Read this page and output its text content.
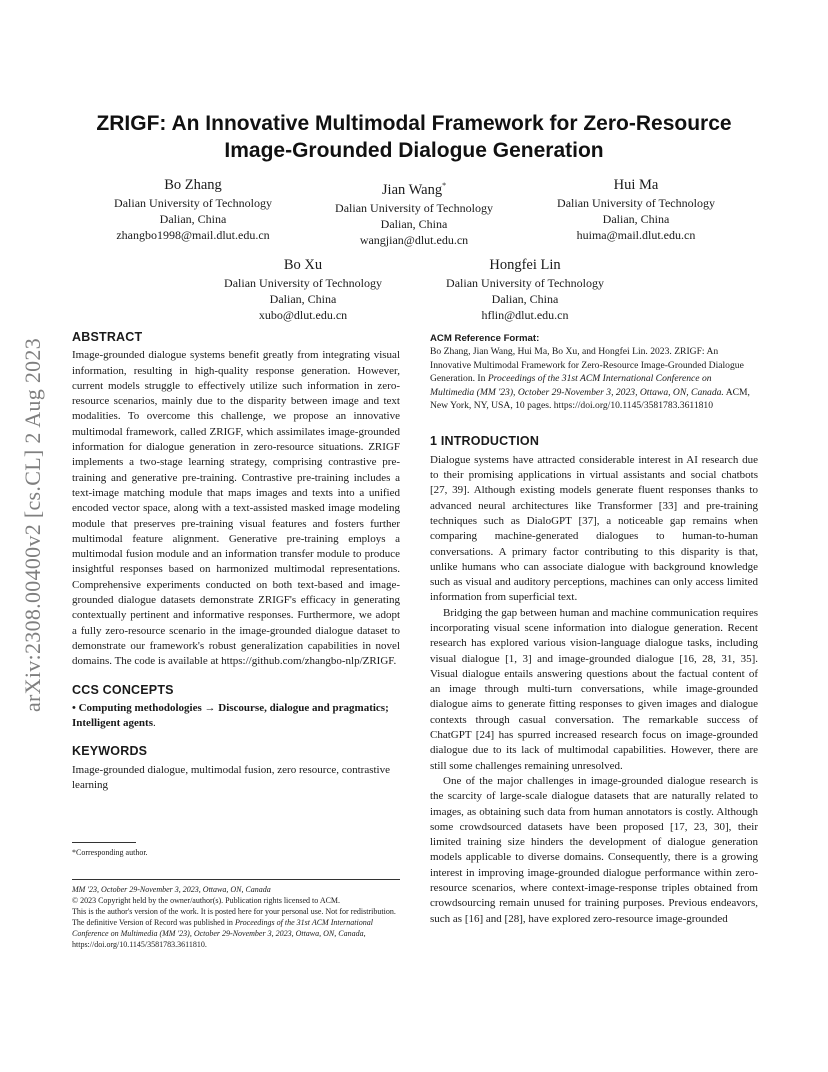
arXiv:2308.00400v2 [cs.CL] 2 Aug 2023
ZRIGF: An Innovative Multimodal Framework for Zero-Resource
Image-Grounded Dialogue Generation
Bo Zhang
Dalian University of Technology
Dalian, China
zhangbo1998@mail.dlut.edu.cn
Jian Wang*
Dalian University of Technology
Dalian, China
wangjian@dlut.edu.cn
Hui Ma
Dalian University of Technology
Dalian, China
huima@mail.dlut.edu.cn
Bo Xu
Dalian University of Technology
Dalian, China
xubo@dlut.edu.cn
Hongfei Lin
Dalian University of Technology
Dalian, China
hflin@dlut.edu.cn
ABSTRACT

Image-grounded dialogue systems benefit greatly from integrating visual information, resulting in high-quality response generation. However, current models struggle to effectively utilize such information in zero-resource scenarios, mainly due to the disparity between image and text modalities. To overcome this challenge, we propose an innovative multimodal framework, called ZRIGF, which assimilates image-grounded information for dialogue generation in zero-resource situations. ZRIGF implements a two-stage learning strategy, comprising contrastive pre-training and generative pre-training. Contrastive pre-training includes a text-image matching module that maps images and texts into a unified encoded vector space, along with a text-assisted masked image modeling module that preserves pre-training visual features and fosters further multimodal feature alignment. Generative pre-training employs a multimodal fusion module and an information transfer module to produce insightful responses based on harmonized multimodal representations. Comprehensive experiments conducted on both text-based and image-grounded dialogue datasets demonstrate ZRIGF's efficacy in generating contextually pertinent and informative responses. Furthermore, we adopt a fully zero-resource scenario in the image-grounded dialogue dataset to demonstrate our framework's robust generalization capabilities in novel domains. The code is available at https://github.com/zhangbo-nlp/ZRIGF.

CCS CONCEPTS

• Computing methodologies → Discourse, dialogue and pragmatics; Intelligent agents.

KEYWORDS

Image-grounded dialogue, multimodal fusion, zero resource, contrastive learning

*Corresponding author.
MM '23, October 29-November 3, 2023, Ottawa, ON, Canada
© 2023 Copyright held by the owner/author(s). Publication rights licensed to ACM.
This is the author's version of the work. It is posted here for your personal use. Not for redistribution. The definitive Version of Record was published in Proceedings of the 31st ACM International Conference on Multimedia (MM '23), October 29-November 3, 2023, Ottawa, ON, Canada, https://doi.org/10.1145/3581783.3611810.
ACM Reference Format:
Bo Zhang, Jian Wang, Hui Ma, Bo Xu, and Hongfei Lin. 2023. ZRIGF: An Innovative Multimodal Framework for Zero-Resource Image-Grounded Dialogue Generation. In Proceedings of the 31st ACM International Conference on Multimedia (MM '23), October 29-November 3, 2023, Ottawa, ON, Canada. ACM, New York, NY, USA, 10 pages. https://doi.org/10.1145/3581783.3611810
1 INTRODUCTION

Dialogue systems have attracted considerable interest in AI research due to their promising applications in virtual assistants and social chatbots [27, 39]. Although existing models generate fluent responses thanks to advanced neural architectures like Transformer [33] and pre-training techniques such as DialoGPT [37], a noticeable gap remains when comparing machine-generated dialogues to human-to-human conversations. A primary factor contributing to this disparity is that, unlike humans who can associate dialogue with background knowledge such as visual and auditory perceptions, machines can only access limited information from superficial text.

Bridging the gap between human and machine communication requires incorporating visual scene information into dialogue generation. Recent research has explored various vision-language dialogue tasks, including visual dialogue [1, 3] and image-grounded dialogue [16, 28, 31, 35]. Visual dialogue entails answering questions about the factual content of an image through multi-turn conversations, while image-grounded dialogue aims to generate fitting responses to given images and dialogue contexts through casual conversation. The remarkable success of ChatGPT [24] has spurred increased research focus on image-grounded dialogue due to its lack of multimodal capabilities. However, there are still some challenges remaining unresolved.

One of the major challenges in image-grounded dialogue research is the scarcity of large-scale dialogue datasets that are naturally related to images, as obtaining such data from human annotators is costly. Although some crowdsourced datasets have been proposed [17, 23, 30], their limited training size hinders the development of dialogue generation models applicable to diverse domains. Consequently, there is a growing interest in improving image-grounded dialogue performance within zero-resource scenarios, where context-image-response triples obtained from crowdsourcing remain unused for training purposes. Previous endeavors, such as [16] and [28], have explored zero-resource image-grounded
